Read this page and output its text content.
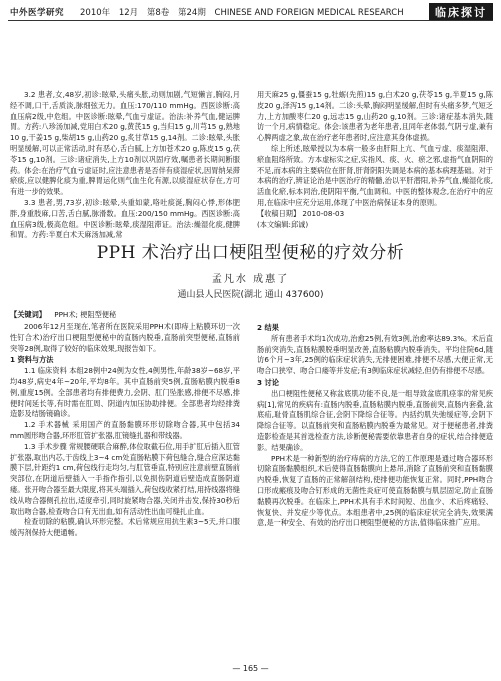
中外医学研究 2010年 12月 第8卷 第24期 CHINESE AND FOREIGN MEDICAL RESEARCH	临床探讨

3.2 患者,女,48岁,初诊:眩晕,头痛头胀,动则加剧,气短懒言,胸闷,月经不调,口干,舌质淡,脉细弦无力。血压:170/110 mmHg。西医诊断:高血压病2级,中危组。中医诊断:眩晕,气血亏虚证。治法:补养气血,健运脾胃。方药:八珍汤加减,党用白术20 g,黄芪15 g,当归15 g,川芎15 g,熟地10 g,干姜15 g,柴胡15 g,山药20 g,炙甘草15 g,14剂。二诊:眩晕,头胀明显缓解,可以正常活动,时有恶心,舌白腻,上方加苍术20 g,陈皮15 g,茯苓15 g,10剂。三诊:诸症消失,上方10剂以巩固疗效,嘱患者长期间断服药。体会:在治疗气血亏虚证时,应注意患者是否伴有痰湿症状,因胃纳呆滞瘀痰,应以健脾化痰为重,脾胃运化则气血生化有源,以痰湿症状存在,方可有进一步的效果。

3.3 患者,男,73岁,初诊:眩晕,头重如蒙,咯吐痰涎,胸闷心悸,形体肥胖,身重肢麻,口苦,舌白腻,脉滑数。血压:200/150 mmHg。西医诊断:高血压病3级,极高危组。中医诊断:眩晕,痰湿阻滞证。治法:燥湿化痰,健脾和胃。方药:半夏白术天麻汤加减,常

用天麻25 g,僵蚕15 g,牡蛎(先煎)15 g,白术20 g,茯苓15 g,半夏15 g,陈皮20 g,泽泻15 g,14剂。二诊:头晕,胸闷明显缓解,但时有头痛多梦,气短乏力,上方加酸枣仁20 g,远志15 g,山药20 g,10剂。三诊:诸症基本消失,随访一个月,病情稳定。体会:该患者为老年患者,且同年老体弱,气阴亏虚,兼有心脾两虚之象,故在治疗老年患者时,应注意其身体虚损。

综上所述,眩晕授以为本病一般多由肝阳上亢、气血亏虚、痰湿阻滞、瘀血阻络所致。方本虚标实之症,实指风、痰、火、瘀之邪,虚指气血阴阳的不足,而本病的主要病位在肝肾,肝肾阴阳失调是本病的基本病理基础。对于本病的治疗,辨证论治是中医治疗的精髓,治以平肝潜阳,补养气血,燥湿化痰,活血化瘀,标本同治,使阴阳平衡,气血调和。中医的整体观念,在治疗中的应用,在临床中应充分运用,体现了中医治病保证本身的原则。

【收稿日期】 2010-08-03

(本文编辑:邱诚)

PPH 术治疗出口梗阻型便秘的疗效分析
孟凡水 成惠了
通山县人民医院(湖北 通山 437600)
【关键词】 PPH术; 梗阻型便秘

2006年12月至现在,笔者所在医院采用PPH术(即痔上粘膜环切一次性钉合术)治疗出口梗阻型便秘中的直肠内脱垂,直肠前突型便秘,直肠前突等28例,取得了较好的临床效果,现报告如下。

1 资料与方法

1.1 临床资料 本组28例中24例为女性,4例男性,年龄38岁~68岁,平均48岁,病史4年~20年,平均8年。其中直肠前突5例,直肠粘膜内脱垂8例,重度15例。全部患者均有排便费力,会阴、肛门坠胀感,排便不尽感,排便时间延长等,有时需在肛周、阴道内加压协助排便。全部患者均经排粪造影及结肠镜确诊。

1.2 手术器械 采用国产的直肠黏膜环形切除吻合器,其中包括34 mm圆形吻合器,环形肛管扩张器,肛镜缝扎器和带线器。

1.3 手术步骤 常规腰硬联合麻醉,体位取截石位,用手扩肛后插入肛管扩张器,取出内芯,于齿线上3~4 cm处直肠粘膜下荷包缝合,缝合应深达黏膜下层,针距约1 cm,荷包线行走均匀,与肛管垂直,特别应注意前壁直肠前突部位,在阴道后壁插入一手指作指引,以免损伤阴道后壁造成直肠阴道瘘。张开吻合器至最大限度,将其头端插入,荷包线收紧打结,用持线器将缝线从吻合器侧孔拉出,适度牵引,同时旋紧吻合器,关闭并击发,保持30秒后取出吻合器,检查吻合口有无出血,如有活动性出血可缝扎止血。

检查切除的粘膜,确认环形完整。术后常规应用抗生素3~5天,并口服缓泻剂保持大便通畅。

2 结果

所有患者手术均1次成功,治愈25例,有效3例,治愈率达89.3%。术后直肠前突消失,直肠粘膜脱垂明显改善,直肠粘膜内脱垂消失。平均住院6d,随访6个月~3年,25例的临床症状消失,无排便困难,排便不尽感,大便正常,无吻合口狭窄、吻合口瘘等并发症;有3例临床症状减轻,但仍有排便不尽感。

3 讨论

出口梗阻性便秘又称盆底肌功能不良,是一组导致盆底肌痉挛的常见疾病[1],常见的疾病有:直肠内脱垂,直肠粘膜内脱垂,直肠前突,直肠内套叠,盆底疝,耻骨直肠肌综合征,会阴下降综合征等。内括约肌失弛缓症等,会阴下降综合征等。以直肠前突和直肠粘膜内脱垂为最常见。对于便秘患者,排粪造影检查是其首选检查方法,诊断便秘需要依靠患者自身的症状,结合排便造影。结果确诊。

PPH术是一种新型的治疗痔病的方法,它的工作原理是通过吻合器环形切除直肠黏膜组织,术后使得直肠黏膜向上悬吊,消除了直肠前突和直肠黏膜内脱垂,恢复了直肠的正常解剖结构,使排便功能恢复正常。同时,PPH吻合口形成瘢痕及吻合钉形成的无菌性炎症可使直肠黏膜与肌层固定,防止直肠黏膜再次脱垂。在临床上,PPH术具有手术时间短、出血少、术后疼痛轻、恢复快、并发症少等优点。本组患者中,25例的临床症状完全消失,效果满意,是一种安全、有效的治疗出口梗阻型便秘的方法,值得临床推广应用。

— 165 —
